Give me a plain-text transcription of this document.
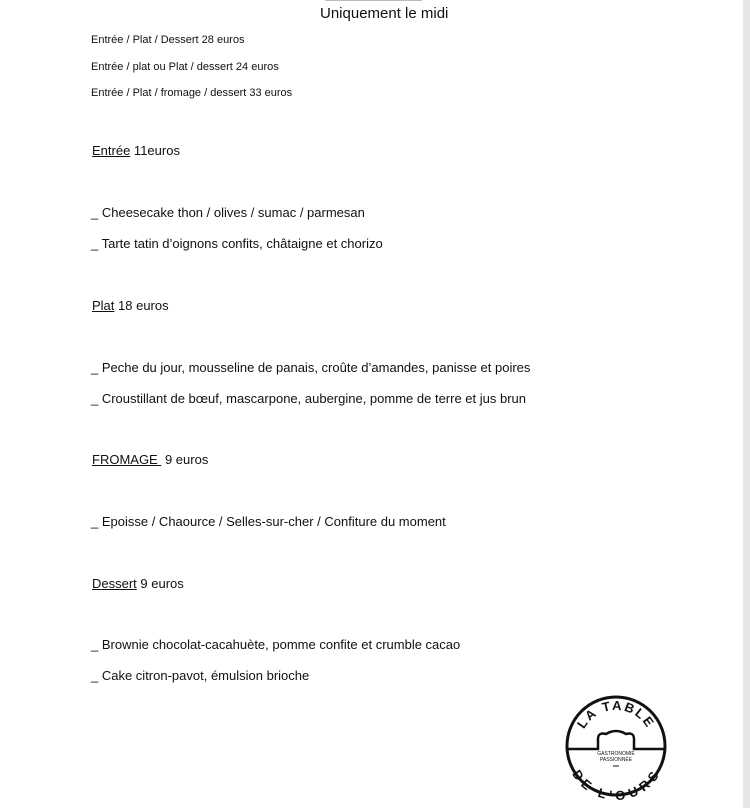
Uniquement le midi
Entrée / Plat / Dessert 28 euros
Entrée / plat ou Plat / dessert 24 euros
Entrée / Plat / fromage / dessert 33 euros
Entrée 11euros
_ Cheesecake thon / olives / sumac / parmesan
_ Tarte tatin d’oignons confits, châtaigne et chorizo
Plat 18 euros
_ Peche du jour, mousseline de panais, croûte d’amandes, panisse et poires
_ Croustillant de bœuf, mascarpone, aubergine, pomme de terre et jus brun
FROMAGE  9 euros
_ Epoisse / Chaource / Selles-sur-cher / Confiture du moment
Dessert 9 euros
_ Brownie chocolat-cacahuète, pomme confite et crumble cacao
_ Cake citron-pavot, émulsion brioche
LA TABLE
DE L'OURS
GASTRONOMIE
PASSIONNÉE
